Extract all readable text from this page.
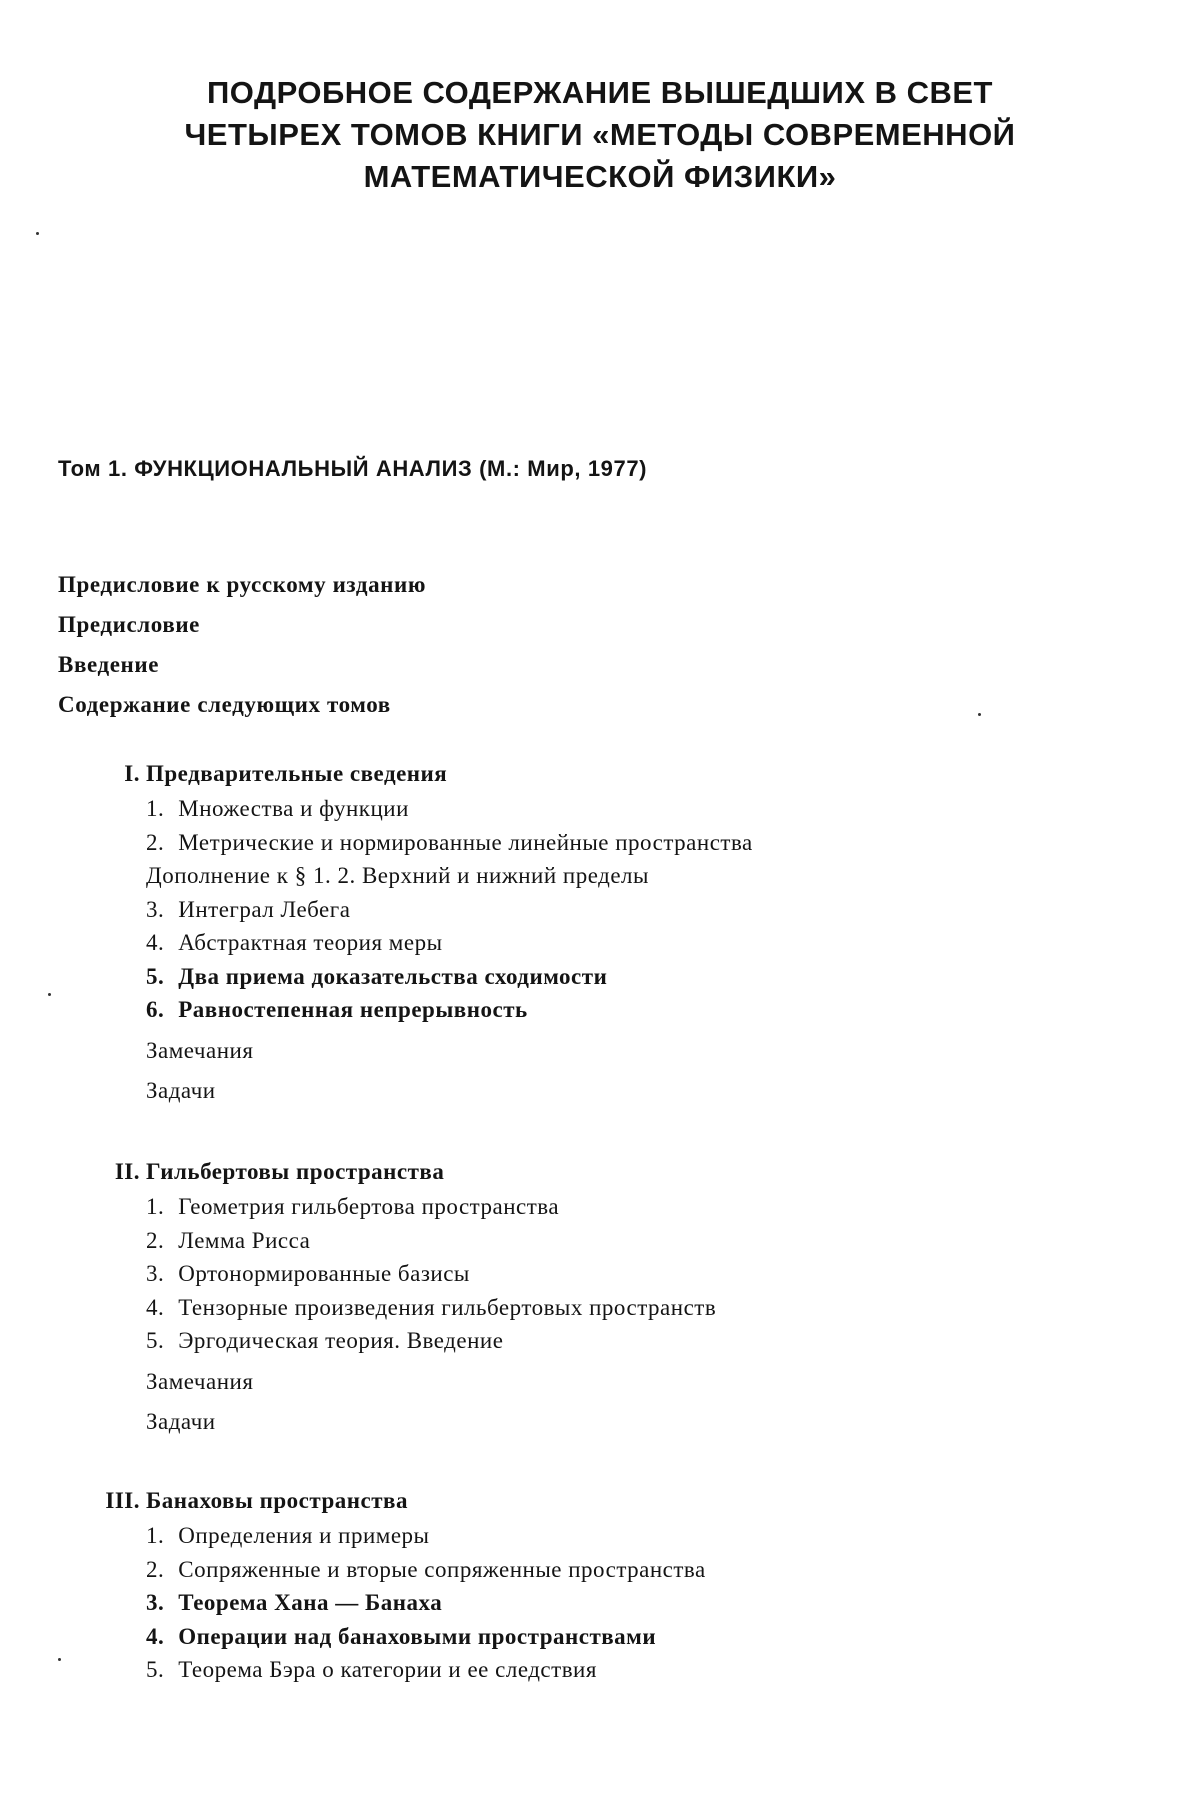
ПОДРОБНОЕ СОДЕРЖАНИЕ ВЫШЕДШИХ В СВЕТ
ЧЕТЫРЕХ ТОМОВ КНИГИ «МЕТОДЫ СОВРЕМЕННОЙ
МАТЕМАТИЧЕСКОЙ ФИЗИКИ»
Том 1. ФУНКЦИОНАЛЬНЫЙ АНАЛИЗ (М.: Мир, 1977)
Предисловие к русскому изданию
Предисловие
Введение
Содержание следующих томов
I. Предварительные сведения
1. Множества и функции
2. Метрические и нормированные линейные пространства
Дополнение к § 1. 2. Верхний и нижний пределы
3. Интеграл Лебега
4. Абстрактная теория меры
5. Два приема доказательства сходимости
6. Равностепенная непрерывность
Замечания
Задачи
II. Гильбертовы пространства
1. Геометрия гильбертова пространства
2. Лемма Рисса
3. Ортонормированные базисы
4. Тензорные произведения гильбертовых пространств
5. Эргодическая теория. Введение
Замечания
Задачи
III. Банаховы пространства
1. Определения и примеры
2. Сопряженные и вторые сопряженные пространства
3. Теорема Хана — Банаха
4. Операции над банаховыми пространствами
5. Теорема Бэра о категории и ее следствия
